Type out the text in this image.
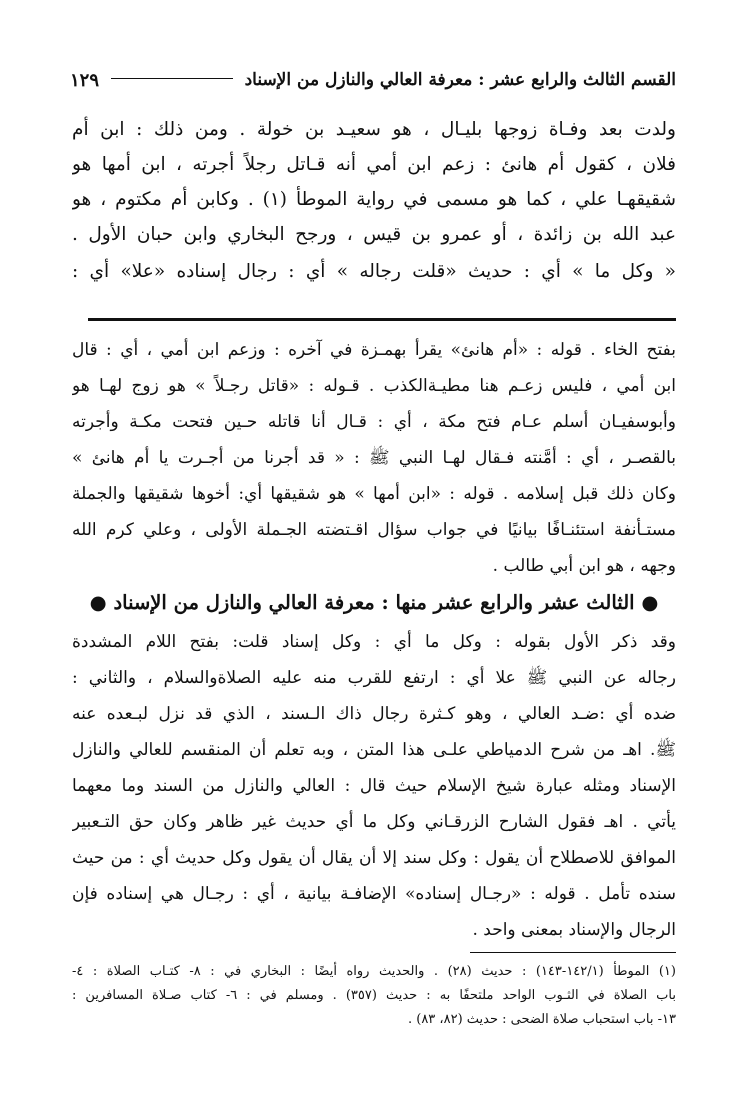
القسم الثالث والرابع عشر : معرفة العالي والنازل من الإسناد
١٢٩
ولدت بعد وفـاة زوجها بليـال ، هو سعيـد بن خولة . ومن ذلك : ابن أم
فلان ، كقول أم هانئ : زعم ابن أمي أنه قـاتل رجلاً أجرته ، ابن أمها هو
شقيقهـا علي ، كما هو مسمى في رواية الموطأ (١) . وكابن أم مكتوم ، هو
عبد الله بن زائدة ، أو عمرو بن قيس ، ورجح البخاري وابن حبان الأول .
« وكل ما » أي : حديث «قلت رجاله » أي : رجال إسناده «علا» أي :
بفتح الخاء . قوله : «أم هانئ» يقرأ بهمـزة في آخره : وزعم ابن أمي ، أي : قال
ابن أمي ، فليس زعـم هنا مطيـةالكذب . قـوله : «قاتل رجـلاً » هو زوج لهـا هو
وأبوسفيـان أسلم عـام فتح مكة ، أي : قـال أنا قاتله حـين فتحت مكـة وأجرته
بالقصـر ، أي : أمَّنته فـقال لهـا النبي ﷺ : « قد أجرنا من أجـرت يا أم هانئ »
وكان ذلك قبل إسلامه . قوله : «ابن أمها » هو شقيقها أي: أخوها شقيقها والجملة
مستـأنفة استئنـافًا بيانيًا في جواب سؤال اقـتضته الجـملة الأولى ، وعلي كرم الله
وجهه ، هو ابن أبي طالب .
● الثالث عشر والرابع عشر منها : معرفة العالي والنازل من الإسناد ●
وقد ذكر الأول بقوله : وكل ما أي : وكل إسناد قلت: بفتح اللام المشددة
رجاله عن النبي ﷺ علا أي : ارتفع للقرب منه عليه الصلاةوالسلام ، والثاني :
ضده أي :ضـد العالي ، وهو كـثرة رجال ذاك الـسند ، الذي قد نزل لبـعده عنه
ﷺ. اهـ من شرح الدمياطي علـى هذا المتن ، وبه تعلم أن المنقسم للعالي والنازل
الإسناد ومثله عبارة شيخ الإسلام حيث قال : العالي والنازل من السند وما معهما
يأتي . اهـ فقول الشارح الزرقـاني وكل ما أي حديث غير ظاهر وكان حق التـعبير
الموافق للاصطلاح أن يقول : وكل سند إلا أن يقال أن يقول وكل حديث أي : من حيث
سنده تأمل . قوله : «رجـال إسناده» الإضافـة بيانية ، أي : رجـال هي إسناده فإن
الرجال والإسناد بمعنى واحد .
(١) الموطأ (١٤٢/١-١٤٣) : حديث (٢٨) . والحديث رواه أيضًا : البخاري في : ٨- كتـاب الصلاة : ٤-
باب الصلاة في الثـوب الواحد ملتحفًا به : حديث (٣٥٧) . ومسلم في : ٦- كتاب صـلاة المسافرين :
١٣- باب استحباب صلاة الضحى : حديث (٨٢، ٨٣) .
